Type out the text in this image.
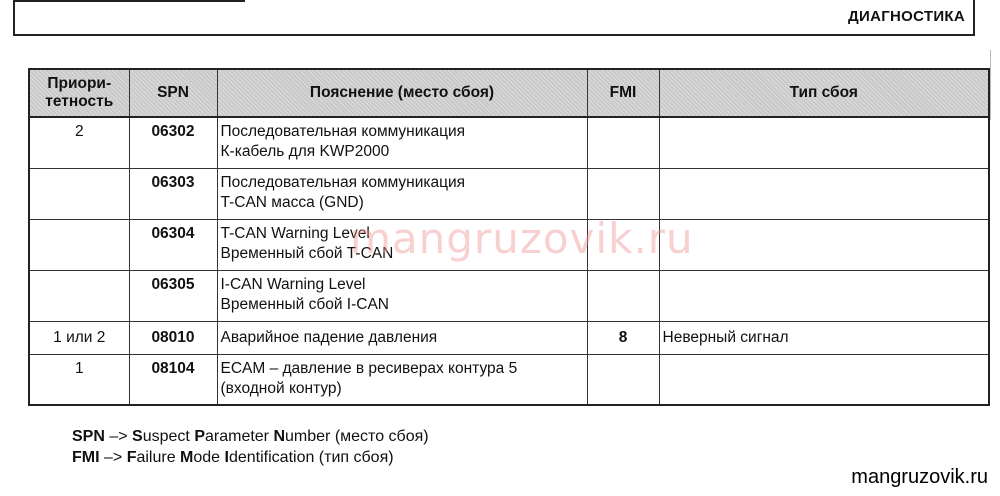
ДИАГНОСТИКА
Приори-
тетность	SPN	Пояснение (место сбоя)	FMI	Тип сбоя
2	06302	Последовательная коммуникация
К-кабель для KWP2000		

	06303	Последовательная коммуникация
T-CAN масса (GND)		

	06304	T-CAN Warning Level
Временный сбой T-CAN		

	06305	I-CAN Warning Level
Временный сбой I-CAN		

1 или 2	08010	Аварийное падение давления	8	Неверный сигнал
1	08104	ECAM – давление в ресиверах контура 5
(входной контур)		

mangruzovik.ru
SPN –> Suspect Parameter Number (место сбоя)
FMI –> Failure Mode Identification (тип сбоя)
mangruzovik.ru
